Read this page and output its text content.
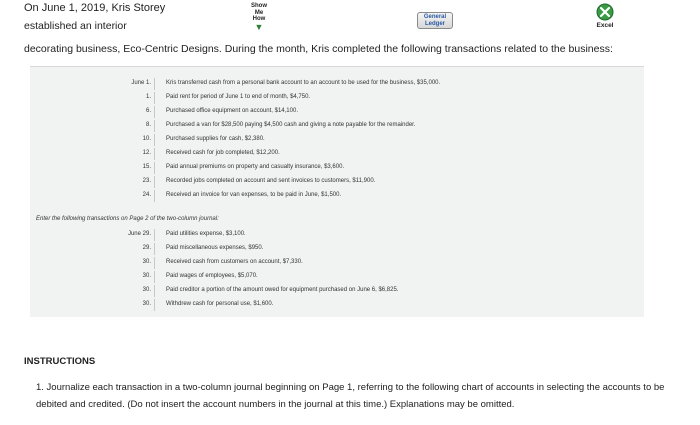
On June 1, 2019, Kris Storey
established an interior
decorating business, Eco-Centric Designs. During the month, Kris completed the following transactions related to the business:
Show
Me
How
▼
General
Ledger	Excel
June 1.	Kris transferred cash from a personal bank account to an account to be used for the business, $35,000.
1.	Paid rent for period of June 1 to end of month, $4,750.
6.	Purchased office equipment on account, $14,100.
8.	Purchased a van for $28,500 paying $4,500 cash and giving a note payable for the remainder.
10.	Purchased supplies for cash, $2,380.
12.	Received cash for job completed, $12,200.
15.	Paid annual premiums on property and casualty insurance, $3,600.
23.	Recorded jobs completed on account and sent invoices to customers, $11,900.
24.	Received an invoice for van expenses, to be paid in June, $1,500.
Enter the following transactions on Page 2 of the two-column journal:
June 29.	Paid utilities expense, $3,100.
29.	Paid miscellaneous expenses, $950.
30.	Received cash from customers on account, $7,330.
30.	Paid wages of employees, $5,070.
30.	Paid creditor a portion of the amount owed for equipment purchased on June 6, $6,825.
30.	Withdrew cash for personal use, $1,600.
INSTRUCTIONS
1. Journalize each transaction in a two-column journal beginning on Page 1, referring to the following chart of accounts in selecting the accounts to be debited and credited. (Do not insert the account numbers in the journal at this time.) Explanations may be omitted.
